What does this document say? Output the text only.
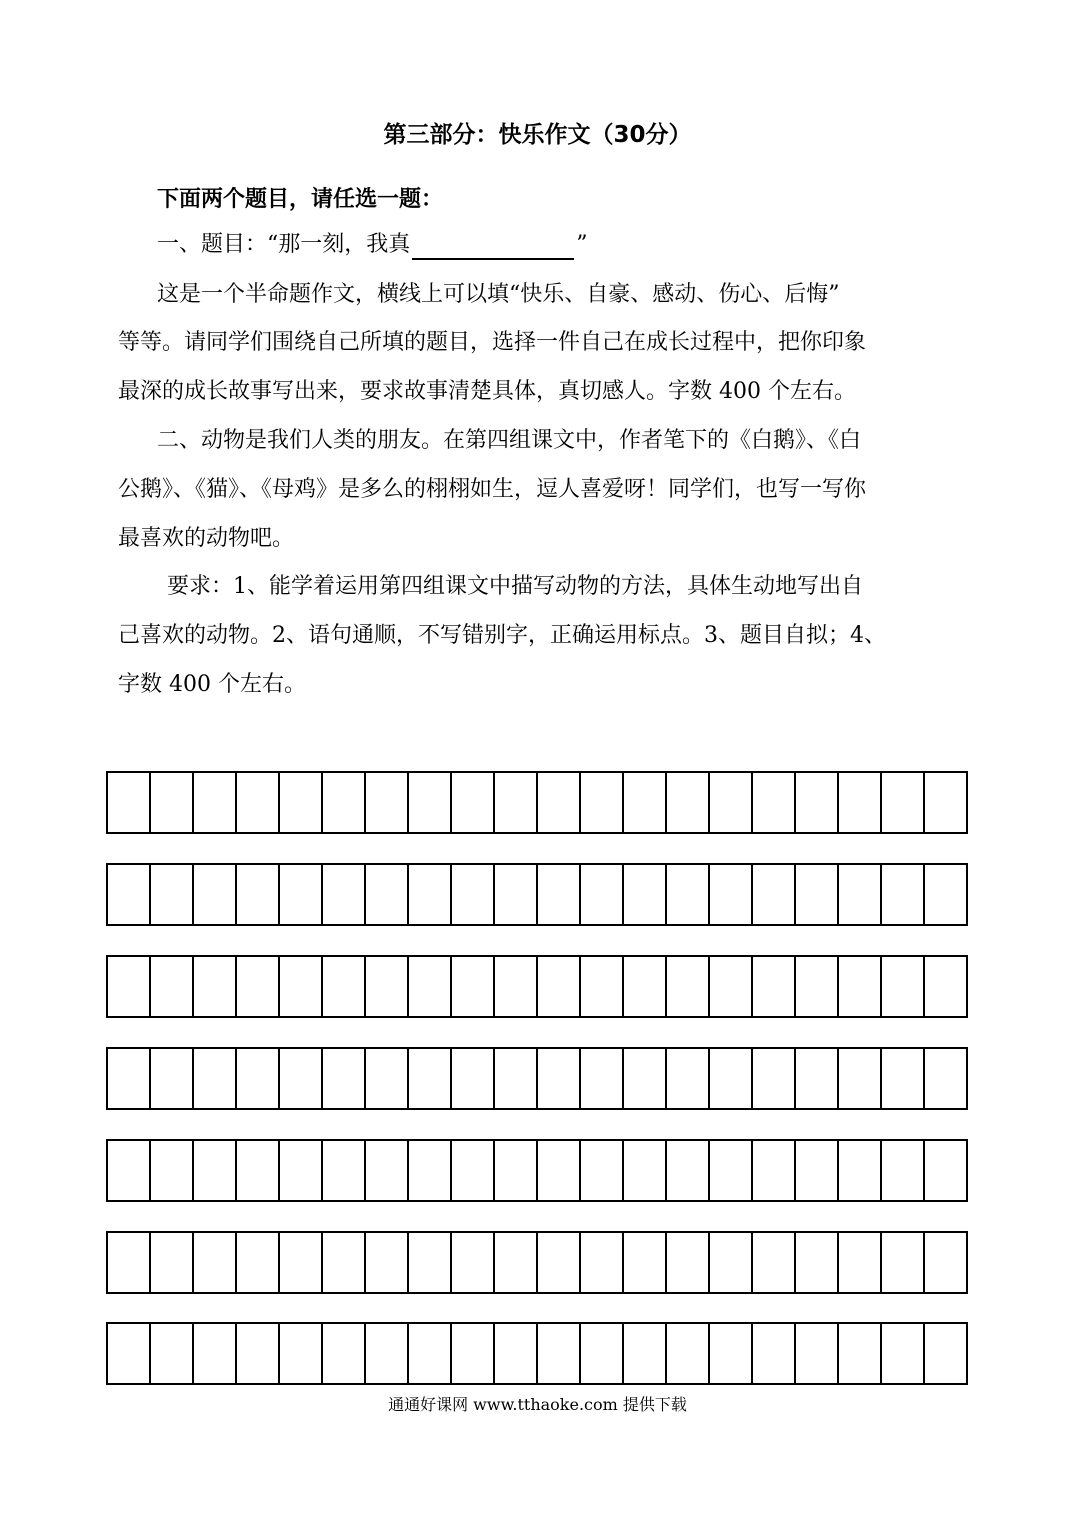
第三部分：快乐作文（30分）
下面两个题目，请任选一题：
一、题目：“那一刻，我真	”
这是一个半命题作文，横线上可以填“快乐、自豪、感动、伤心、后悔”
等等。请同学们围绕自己所填的题目，选择一件自己在成长过程中，把你印象
最深的成长故事写出来，要求故事清楚具体，真切感人。字数 400 个左右。
二、动物是我们人类的朋友。在第四组课文中，作者笔下的《白鹅》、《白
公鹅》、《猫》、《母鸡》是多么的栩栩如生，逗人喜爱呀！同学们，也写一写你
最喜欢的动物吧。
要求：1、能学着运用第四组课文中描写动物的方法，具体生动地写出自
己喜欢的动物。2、语句通顺，不写错别字，正确运用标点。3、题目自拟；4、
字数 400 个左右。
通通好课网 www.tthaoke.com 提供下载
